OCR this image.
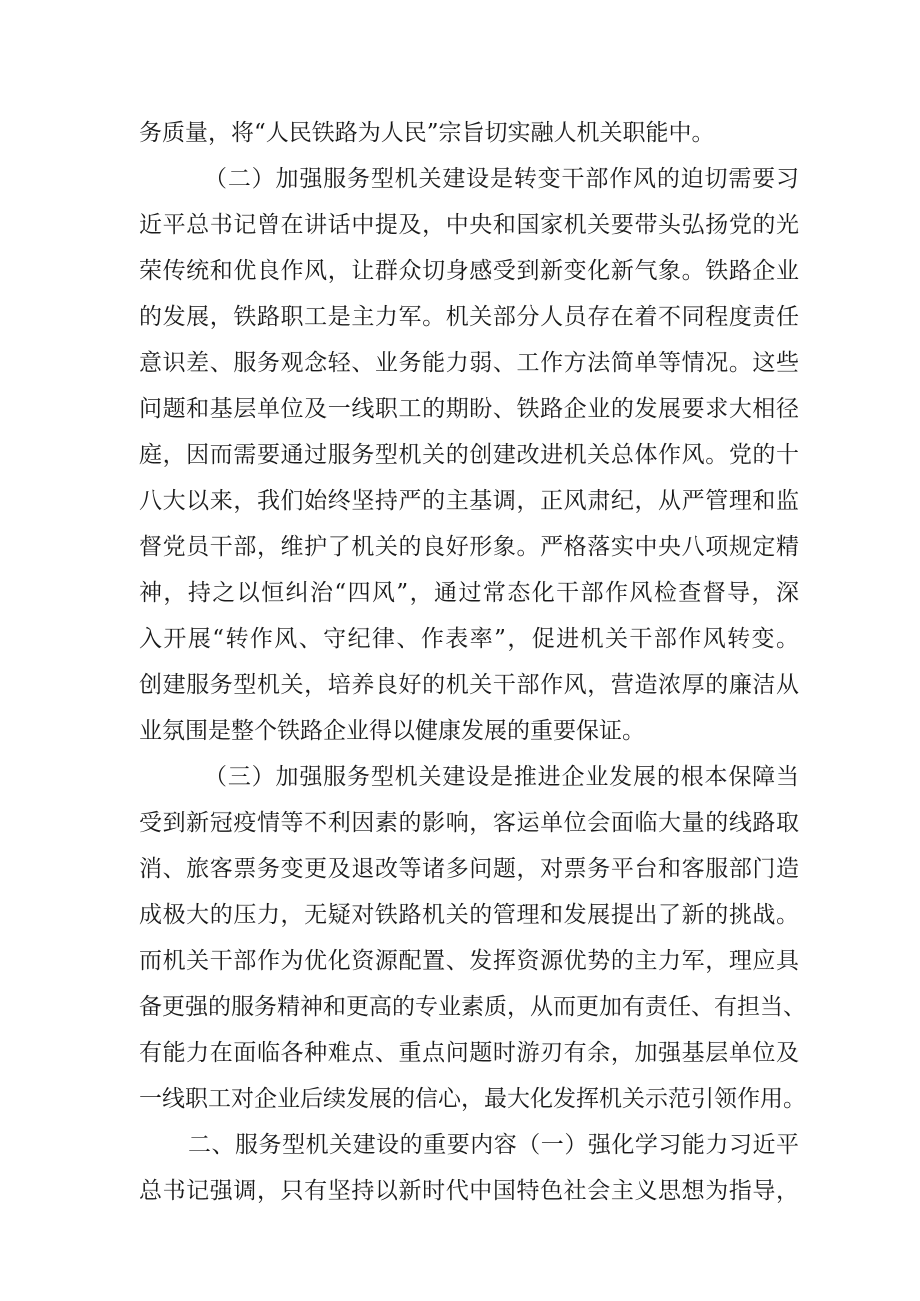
务质量，将“人民铁路为人民”宗旨切实融人机关职能中。
（二）加强服务型机关建设是转变干部作风的迫切需要习
近平总书记曾在讲话中提及，中央和国家机关要带头弘扬党的光
荣传统和优良作风，让群众切身感受到新变化新气象。铁路企业
的发展，铁路职工是主力军。机关部分人员存在着不同程度责任
意识差、服务观念轻、业务能力弱、工作方法简单等情况。这些
问题和基层单位及一线职工的期盼、铁路企业的发展要求大相径
庭，因而需要通过服务型机关的创建改进机关总体作风。党的十
八大以来，我们始终坚持严的主基调，正风肃纪，从严管理和监
督党员干部，维护了机关的良好形象。严格落实中央八项规定精
神，持之以恒纠治“四风”，通过常态化干部作风检查督导，深
入开展“转作风、守纪律、作表率”，促进机关干部作风转变。
创建服务型机关，培养良好的机关干部作风，营造浓厚的廉洁从
业氛围是整个铁路企业得以健康发展的重要保证。
（三）加强服务型机关建设是推进企业发展的根本保障当
受到新冠疫情等不利因素的影响，客运单位会面临大量的线路取
消、旅客票务变更及退改等诸多问题，对票务平台和客服部门造
成极大的压力，无疑对铁路机关的管理和发展提出了新的挑战。
而机关干部作为优化资源配置、发挥资源优势的主力军，理应具
备更强的服务精神和更高的专业素质，从而更加有责任、有担当、
有能力在面临各种难点、重点问题时游刃有余，加强基层单位及
一线职工对企业后续发展的信心，最大化发挥机关示范引领作用。
二、服务型机关建设的重要内容（一）强化学习能力习近平
总书记强调，只有坚持以新时代中国特色社会主义思想为指导，
